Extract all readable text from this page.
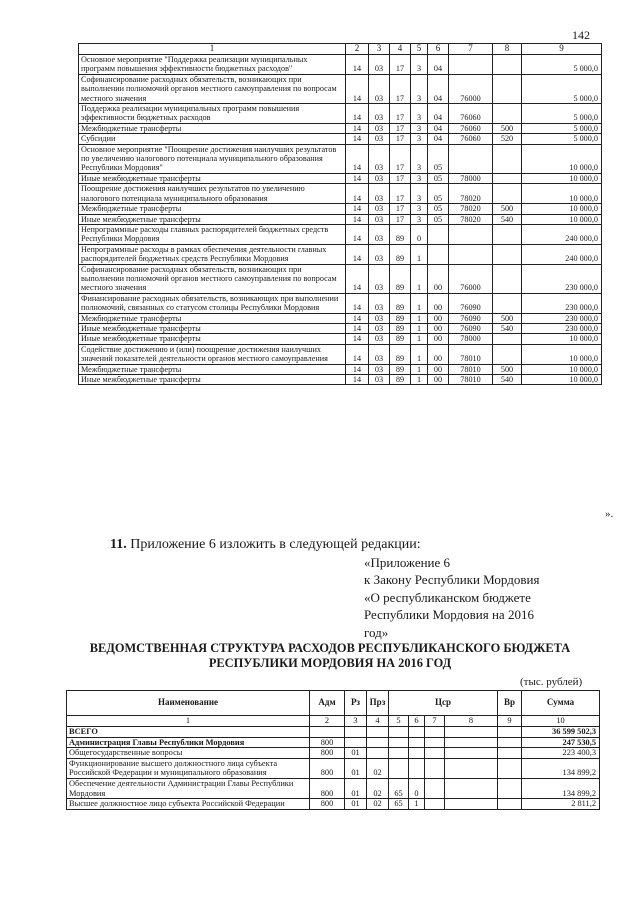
142
1	2	3	4	5	6	7	8	9
Основное мероприятие "Поддержка реализации муниципальных программ повышения эффективности бюджетных расходов"	14	03	17	3	04			5 000,0
Софинансирование расходных обязательств, возникающих при выполнении полномочий органов местного самоуправления по вопросам местного значения	14	03	17	3	04	76000		5 000,0
Поддержка реализации муниципальных программ повышения эффективности бюджетных расходов	14	03	17	3	04	76060		5 000,0
Межбюджетные трансферты	14	03	17	3	04	76060	500	5 000,0
Субсидии	14	03	17	3	04	76060	520	5 000,0
Основное мероприятие "Поощрение достижения наилучших результатов по увеличению налогового потенциала муниципального образования Республики Мордовия"	14	03	17	3	05			10 000,0
Иные межбюджетные трансферты	14	03	17	3	05	78000		10 000,0
Поощрение достижения наилучших результатов по увеличению налогового потенциала муниципального образования	14	03	17	3	05	78020		10 000,0
Межбюджетные трансферты	14	03	17	3	05	78020	500	10 000,0
Иные межбюджетные трансферты	14	03	17	3	05	78020	540	10 000,0
Непрограммные расходы главных распорядителей бюджетных средств Республики Мордовия	14	03	89	0				240 000,0
Непрограммные расходы в рамках обеспечения деятельности главных распорядителей бюджетных средств Республики Мордовия	14	03	89	1				240 000,0
Софинансирование расходных обязательств, возникающих при выполнении полномочий органов местного самоуправления по вопросам местного значения	14	03	89	1	00	76000		230 000,0
Финансирование расходных обязательств, возникающих при выполнении полномочий, связанных со статусом столицы Республики Мордовия	14	03	89	1	00	76090		230 000,0
Межбюджетные трансферты	14	03	89	1	00	76090	500	230 000,0
Иные межбюджетные трансферты	14	03	89	1	00	76090	540	230 000,0
Иные межбюджетные трансферты	14	03	89	1	00	78000		10 000,0
Содействие достижению и (или) поощрение достижения наилучших значений показателей деятельности органов местного самоуправления	14	03	89	1	00	78010		10 000,0
Межбюджетные трансферты	14	03	89	1	00	78010	500	10 000,0
Иные межбюджетные трансферты	14	03	89	1	00	78010	540	10 000,0
».
11. Приложение 6 изложить в следующей редакции:
«Приложение 6
к Закону Республики Мордовия
«О республиканском бюджете
Республики Мордовия на 2016
год»
ВЕДОМСТВЕННАЯ СТРУКТУРА РАСХОДОВ РЕСПУБЛИКАНСКОГО БЮДЖЕТА
РЕСПУБЛИКИ МОРДОВИЯ НА 2016 ГОД
(тыс. рублей)
Наименование	Адм	Рз	Прз	Цср				Вр	Сумма
1	2	3	4	5	6	7	8	9	10
ВСЕГО									36 599 502,3
Администрация Главы Республики Мордовия	800								247 530,5
Общегосударственные вопросы	800	01							223 400,3
Функционирование высшего должностного лица субъекта Российской Федерации и муниципального образования	800	01	02						134 899,2
Обеспечение деятельности Администрации Главы Республики Мордовия	800	01	02	65	0				134 899,2
Высшее должностное лицо субъекта Российской Федерации	800	01	02	65	1				2 811,2
